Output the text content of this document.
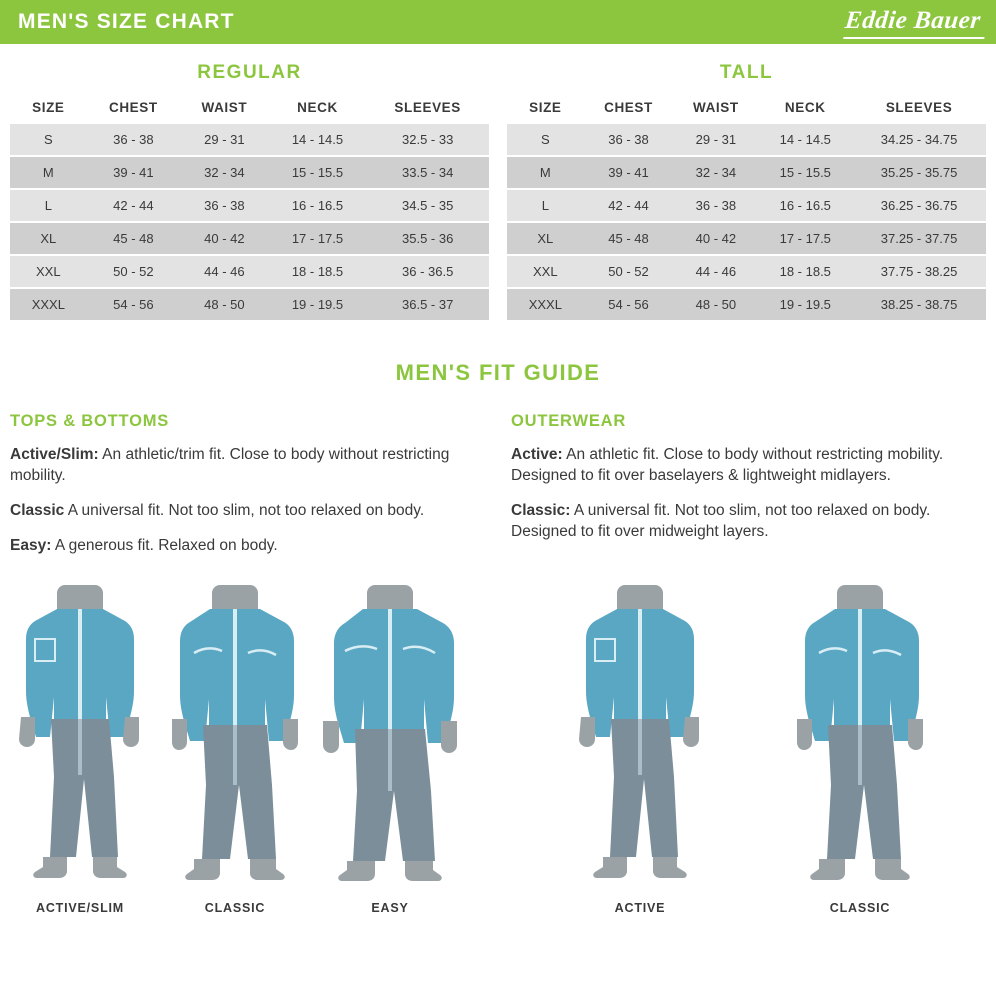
MEN'S SIZE CHART	Eddie Bauer
REGULAR
SIZE	CHEST	WAIST	NECK	SLEEVES
S	36 - 38	29 - 31	14 - 14.5	32.5 - 33
M	39 - 41	32 - 34	15 - 15.5	33.5 - 34
L	42 - 44	36 - 38	16 - 16.5	34.5 - 35
XL	45 - 48	40 - 42	17 - 17.5	35.5 - 36
XXL	50 - 52	44 - 46	18 - 18.5	36 - 36.5
XXXL	54 - 56	48 - 50	19 - 19.5	36.5 - 37
TALL
SIZE	CHEST	WAIST	NECK	SLEEVES
S	36 - 38	29 - 31	14 - 14.5	34.25 - 34.75
M	39 - 41	32 - 34	15 - 15.5	35.25 - 35.75
L	42 - 44	36 - 38	16 - 16.5	36.25 - 36.75
XL	45 - 48	40 - 42	17 - 17.5	37.25 - 37.75
XXL	50 - 52	44 - 46	18 - 18.5	37.75 - 38.25
XXXL	54 - 56	48 - 50	19 - 19.5	38.25 - 38.75
MEN'S FIT GUIDE
TOPS & BOTTOMS

Active/Slim: An athletic/trim fit. Close to body without restricting mobility.

Classic A universal fit. Not too slim, not too relaxed on body.

Easy: A generous fit. Relaxed on body.

OUTERWEAR

Active: An athletic fit. Close to body without restricting mobility. Designed to fit over baselayers & lightweight midlayers.

Classic: A universal fit. Not too slim, not too relaxed on body. Designed to fit over midweight layers.

ACTIVE/SLIM	CLASSIC	EASY	ACTIVE	CLASSIC
